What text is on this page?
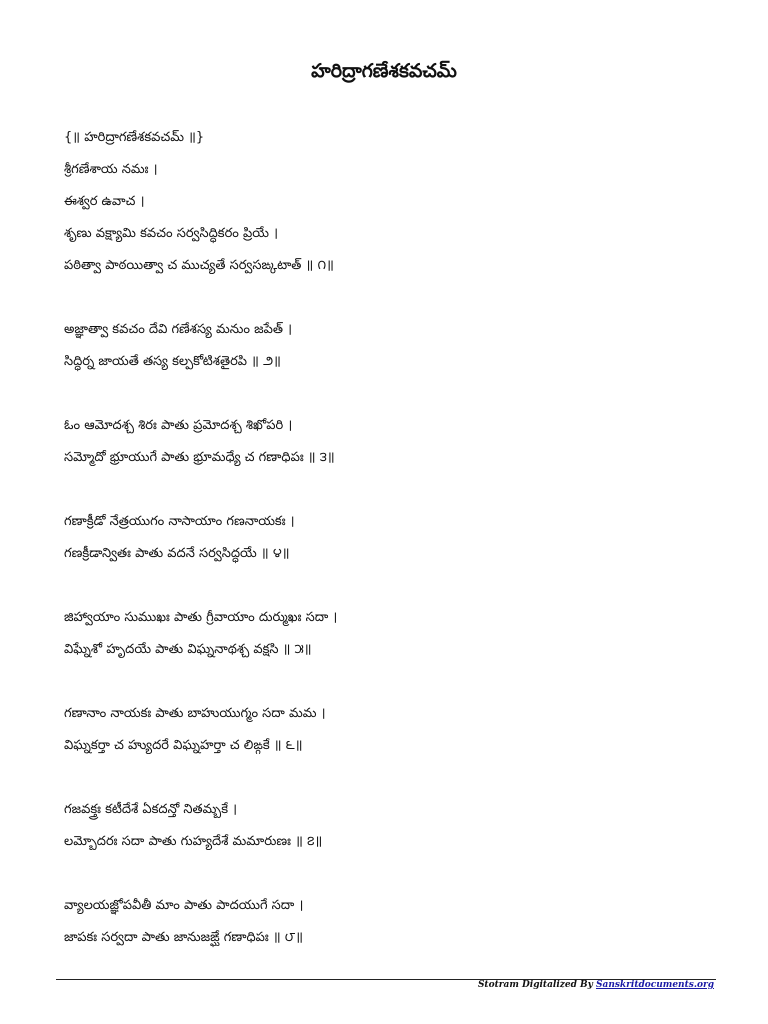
హరిద్రాగణేశకవచమ్
{॥ హరిద్రాగణేశకవచమ్ ॥}
శ్రీగణేశాయ నమః ।
ఈశ్వర ఉవాచ ।
శృణు వక్ష్యామి కవచం సర్వసిద్ధికరం ప్రియే ।
పఠిత్వా పాఠయిత్వా చ ముచ్యతే సర్వసఙ్కటాత్ ॥ ౧॥
అజ్ఞాత్వా కవచం దేవి గణేశస్య మనుం జపేత్ ।
సిద్ధిర్న జాయతే తస్య కల్పకోటిశతైరపి ॥ ౨॥
ఓం ఆమోదశ్చ శిరః పాతు ప్రమోదశ్చ శిఖోపరి ।
సమ్మోదో భ్రూయుగే పాతు భ్రూమధ్యే చ గణాధిపః ॥ ౩॥
గణాక్రీడో నేత్రయుగం నాసాయాం గణనాయకః ।
గణక్రీడాన్వితః పాతు వదనే సర్వసిద్ధయే ॥ ౪॥
జిహ్వాయాం సుముఖః పాతు గ్రీవాయాం దుర్ముఖః సదా ।
విఘ్నేశో హృదయే పాతు విఘ్ననాథశ్చ వక్షసి ॥ ౫॥
గణానాం నాయకః పాతు బాహుయుగ్మం సదా మమ ।
విఘ్నకర్తా చ హ్యుదరే విఘ్నహర్తా చ లిఙ్గకే ॥ ౬॥
గజవక్త్రః కటీదేశే ఏకదన్తో నితమ్బకే ।
లమ్బోదరః సదా పాతు గుహ్యదేశే మమారుణః ॥ ౭॥
వ్యాలయజ్ఞోపవీతీ మాం పాతు పాదయుగే సదా ।
జాపకః సర్వదా పాతు జానుజఙ్ఘే గణాధిపః ॥ ౮॥
Stotram Digitalized By Sanskritdocuments.org
